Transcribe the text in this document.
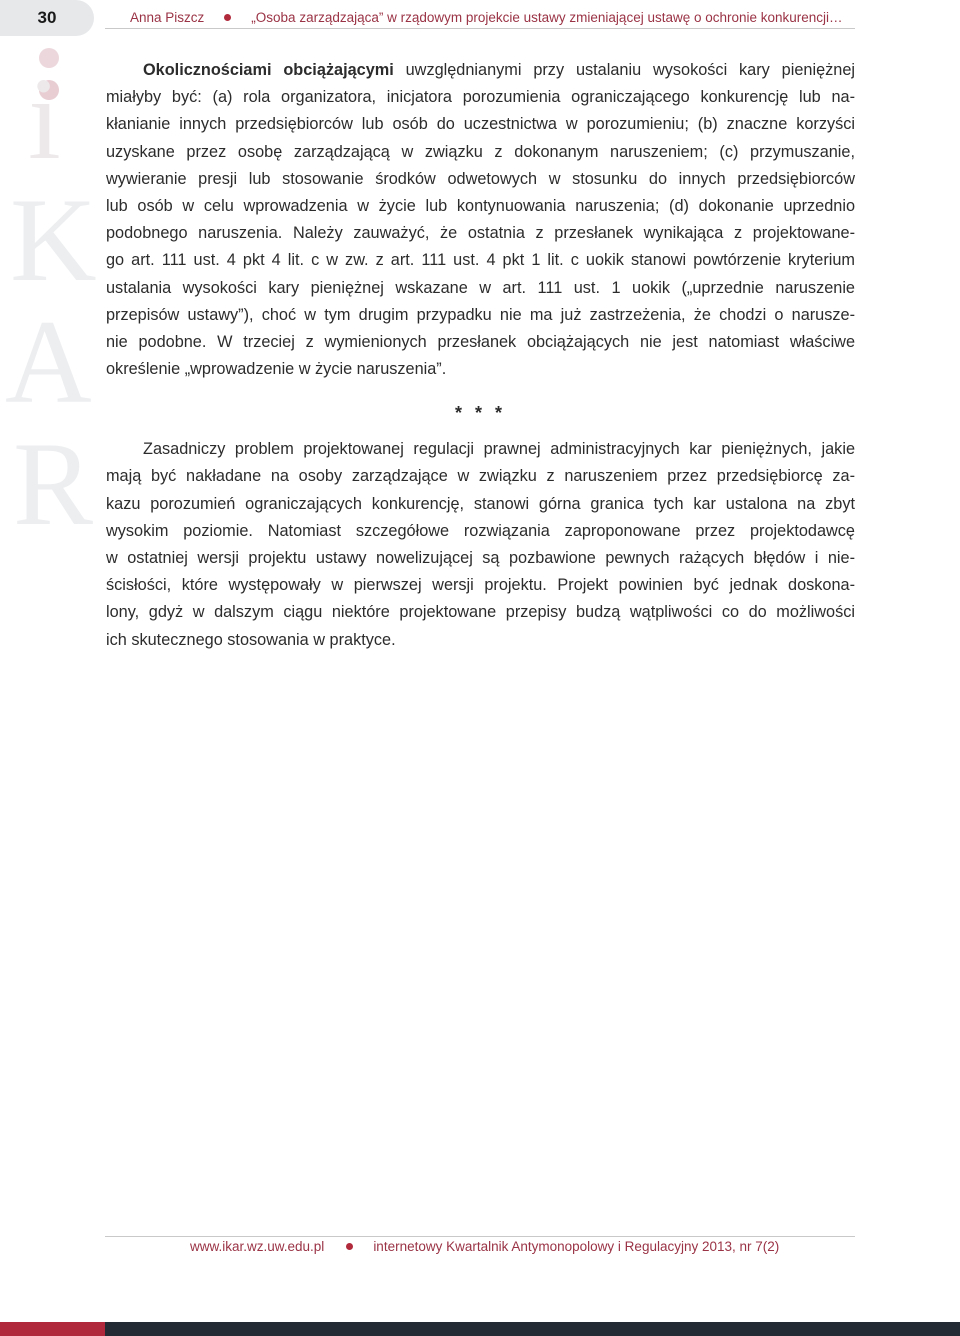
30	Anna Piszcz	„Osoba zarządzająca” w rządowym projekcie ustawy zmieniającej ustawę o ochronie konkurencji…
i
K
A
R

Okolicznościami obciążającymi uwzględnianymi przy ustalaniu wysokości kary pieniężnej
miałyby być: (a) rola organizatora, inicjatora porozumienia ograniczającego konkurencję lub na-
kłanianie innych przedsiębiorców lub osób do uczestnictwa w porozumieniu; (b) znaczne korzyści
uzyskane przez osobę zarządzającą w związku z dokonanym naruszeniem; (c) przymuszanie,
wywieranie presji lub stosowanie środków odwetowych w stosunku do innych przedsiębiorców
lub osób w celu wprowadzenia w życie lub kontynuowania naruszenia; (d) dokonanie uprzednio
podobnego naruszenia. Należy zauważyć, że ostatnia z przesłanek wynikająca z projektowane-
go art. 111 ust. 4 pkt 4 lit. c w zw. z art. 111 ust. 4 pkt 1 lit. c uokik stanowi powtórzenie kryterium
ustalania wysokości kary pieniężnej wskazane w art. 111 ust. 1 uokik („uprzednie naruszenie
przepisów ustawy”), choć w tym drugim przypadku nie ma już zastrzeżenia, że chodzi o narusze-
nie podobne. W trzeciej z wymienionych przesłanek obciążających nie jest natomiast właściwe
określenie „wprowadzenie w życie naruszenia”.

* * *

Zasadniczy problem projektowanej regulacji prawnej administracyjnych kar pieniężnych, jakie
mają być nakładane na osoby zarządzające w związku z naruszeniem przez przedsiębiorcę za-
kazu porozumień ograniczających konkurencję, stanowi górna granica tych kar ustalona na zbyt
wysokim poziomie. Natomiast szczegółowe rozwiązania zaproponowane przez projektodawcę
w ostatniej wersji projektu ustawy nowelizującej są pozbawione pewnych rażących błędów i nie-
ścisłości, które występowały w pierwszej wersji projektu. Projekt powinien być jednak doskona-
lony, gdyż w dalszym ciągu niektóre projektowane przepisy budzą wątpliwości co do możliwości
ich skutecznego stosowania w praktyce.

www.ikar.wz.uw.edu.pl	internetowy Kwartalnik Antymonopolowy i Regulacyjny 2013, nr 7(2)
